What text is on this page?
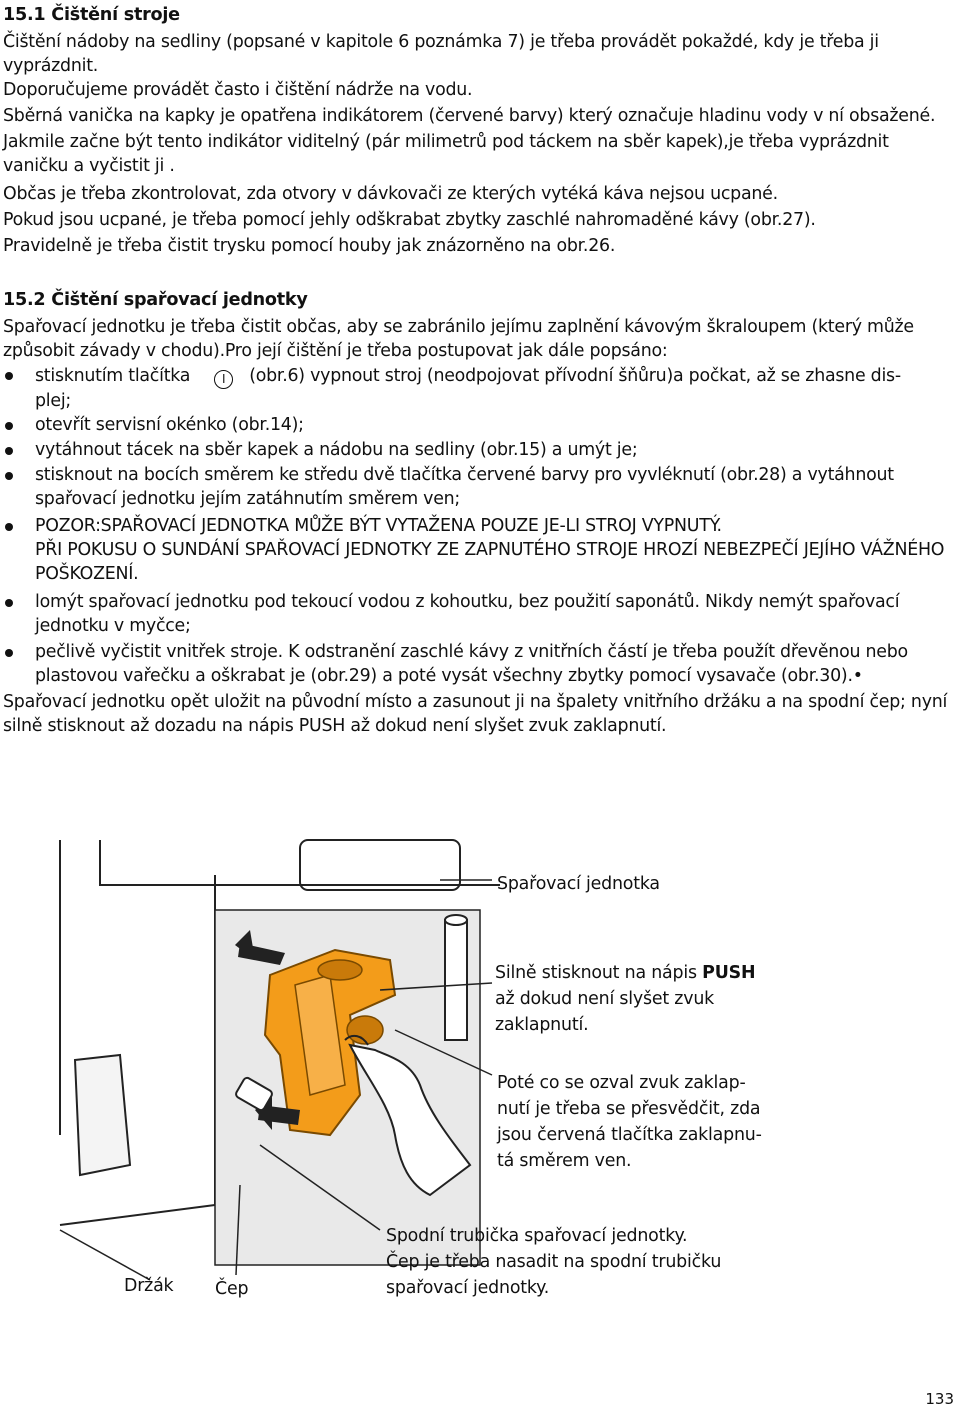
15.1 Čištění stroje
Čištění nádoby na sedliny (popsané v kapitole 6 poznámka 7) je třeba provádět pokaždé, kdy je třeba ji vyprázdnit.
Doporučujeme provádět často i čištění nádrže na vodu.
Sběrná vanička na kapky je opatřena indikátorem (červené barvy) který označuje hladinu vody v ní obsažené.
Jakmile začne být tento indikátor viditelný (pár milimetrů pod táckem na sběr kapek),je třeba vyprázdnit vaničku a vyčistit ji .
Občas je třeba zkontrolovat, zda otvory v dávkovači ze kterých vytéká káva nejsou ucpané.
Pokud jsou ucpané, je třeba pomocí jehly odškrabat zbytky zaschlé nahromaděné kávy (obr.27).
Pravidelně je třeba čistit trysku pomocí houby jak znázorněno na obr.26.
15.2 Čištění spařovací jednotky
Spařovací jednotku je třeba čistit občas, aby se zabránilo jejímu zaplnění kávovým škraloupem (který může způsobit závady v chodu).Pro její čištění je třeba postupovat jak dále popsáno:
stisknutím tlačítka	I (obr.6) vypnout stroj (neodpojovat přívodní šňůru)a počkat, až se zhasne dis-
plej;
otevřít servisní okénko (obr.14);
vytáhnout tácek na sběr kapek a nádobu na sedliny (obr.15) a umýt je;
stisknout na bocích směrem ke středu dvě tlačítka červené barvy pro vyvléknutí (obr.28) a vytáhnout spařovací jednotku jejím zatáhnutím směrem ven;
POZOR:SPAŘOVACÍ JEDNOTKA MŮŽE BÝT VYTAŽENA POUZE JE-LI STROJ VYPNUTÝ.
PŘI POKUSU O SUNDÁNÍ SPAŘOVACÍ JEDNOTKY ZE ZAPNUTÉHO STROJE HROZÍ NEBEZPEČÍ JEJÍHO VÁŽNÉHO POŠKOZENÍ.
lomýt spařovací jednotku pod tekoucí vodou z kohoutku, bez použití saponátů. Nikdy nemýt spařovací jednotku v myčce;
pečlivě vyčistit vnitřek stroje. K odstranění zaschlé kávy z vnitřních částí je třeba použít dřevěnou nebo plastovou vařečku a oškrabat je (obr.29) a poté vysát všechny zbytky pomocí vysavače (obr.30).•
Spařovací jednotku opět uložit na původní místo a zasunout ji na špalety vnitřního držáku a na spodní čep; nyní silně stisknout až dozadu na nápis PUSH až dokud není slyšet zvuk zaklapnutí.
Spařovací jednotka
Silně stisknout na nápis PUSH až dokud není slyšet zvuk zaklapnutí.
Poté co se ozval zvuk zaklap-nutí je třeba se přesvědčit, zda jsou červená tlačítka zaklapnu-tá směrem ven.
Spodní trubička spařovací jednotky.
Čep je třeba nasadit na spodní trubičku spařovací jednotky.
Držák Čep
133
